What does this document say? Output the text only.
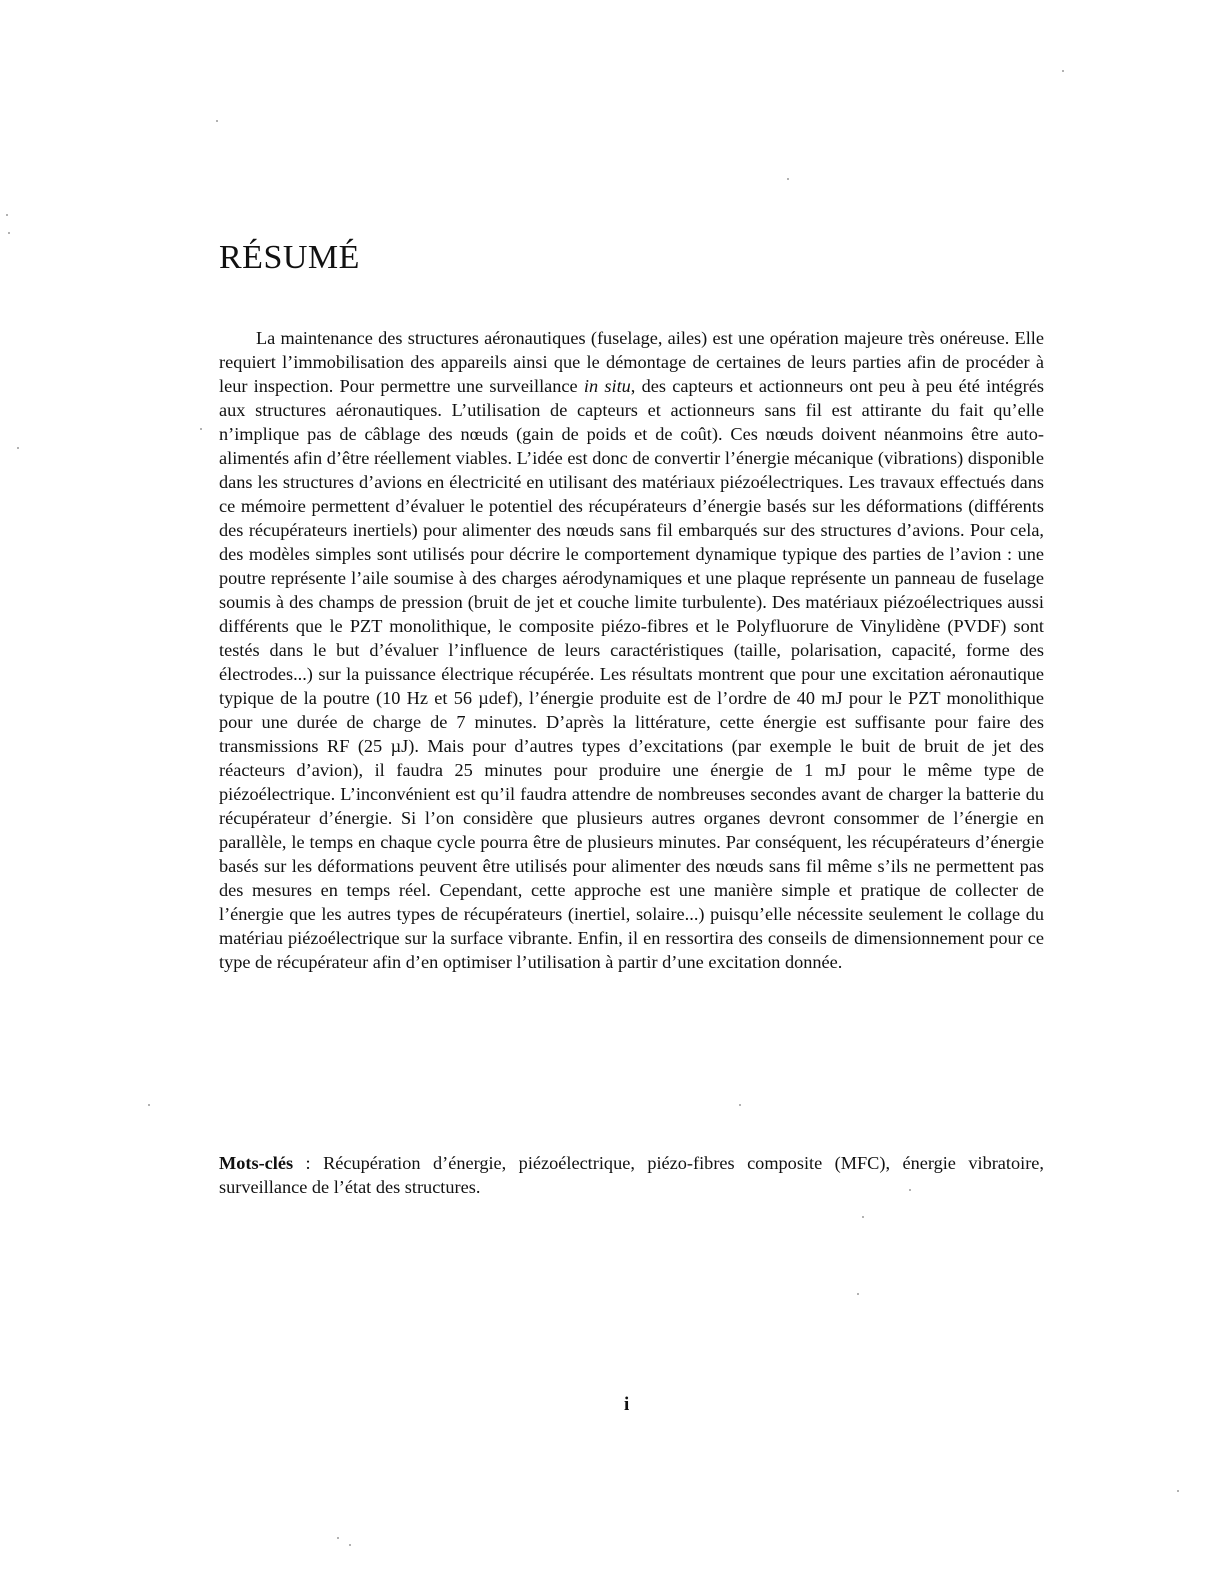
RÉSUMÉ

La maintenance des structures aéronautiques (fuselage, ailes) est une opération majeure très onéreuse. Elle requiert l’immobilisation des appareils ainsi que le démontage de certaines de leurs parties afin de procéder à leur inspection. Pour permettre une surveillance in situ, des capteurs et actionneurs ont peu à peu été intégrés aux structures aéronautiques. L’utilisation de capteurs et actionneurs sans fil est attirante du fait qu’elle n’implique pas de câblage des nœuds (gain de poids et de coût). Ces nœuds doivent néanmoins être auto-alimentés afin d’être réellement viables. L’idée est donc de convertir l’énergie mécanique (vibrations) disponible dans les structures d’avions en électricité en utilisant des matériaux piézoélectriques. Les travaux effectués dans ce mémoire permettent d’évaluer le potentiel des récupérateurs d’énergie basés sur les déformations (différents des récupérateurs inertiels) pour alimenter des nœuds sans fil embarqués sur des structures d’avions. Pour cela, des modèles simples sont utilisés pour décrire le comportement dynamique typique des parties de l’avion : une poutre représente l’aile soumise à des charges aérodynamiques et une plaque représente un panneau de fuselage soumis à des champs de pression (bruit de jet et couche limite turbulente). Des matériaux piézoélectriques aussi différents que le PZT monolithique, le composite piézo-fibres et le Polyfluorure de Vinylidène (PVDF) sont testés dans le but d’évaluer l’influence de leurs caractéristiques (taille, polarisation, capacité, forme des électrodes...) sur la puissance électrique récupérée. Les résultats montrent que pour une excitation aéronautique typique de la poutre (10 Hz et 56 µdef), l’énergie produite est de l’ordre de 40 mJ pour le PZT monolithique pour une durée de charge de 7 minutes. D’après la littérature, cette énergie est suffisante pour faire des transmissions RF (25 µJ). Mais pour d’autres types d’excitations (par exemple le buit de bruit de jet des réacteurs d’avion), il faudra 25 minutes pour produire une énergie de 1 mJ pour le même type de piézoélectrique. L’inconvénient est qu’il faudra attendre de nombreuses secondes avant de charger la batterie du récupérateur d’énergie. Si l’on considère que plusieurs autres organes devront consommer de l’énergie en parallèle, le temps en chaque cycle pourra être de plusieurs minutes. Par conséquent, les récupérateurs d’énergie basés sur les déformations peuvent être utilisés pour alimenter des nœuds sans fil même s’ils ne permettent pas des mesures en temps réel. Cependant, cette approche est une manière simple et pratique de collecter de l’énergie que les autres types de récupérateurs (inertiel, solaire...) puisqu’elle nécessite seulement le collage du matériau piézoélectrique sur la surface vibrante. Enfin, il en ressortira des conseils de dimensionnement pour ce type de récupérateur afin d’en optimiser l’utilisation à partir d’une excitation donnée.

Mots-clés : Récupération d’énergie, piézoélectrique, piézo-fibres composite (MFC), énergie vibratoire, surveillance de l’état des structures.

i
